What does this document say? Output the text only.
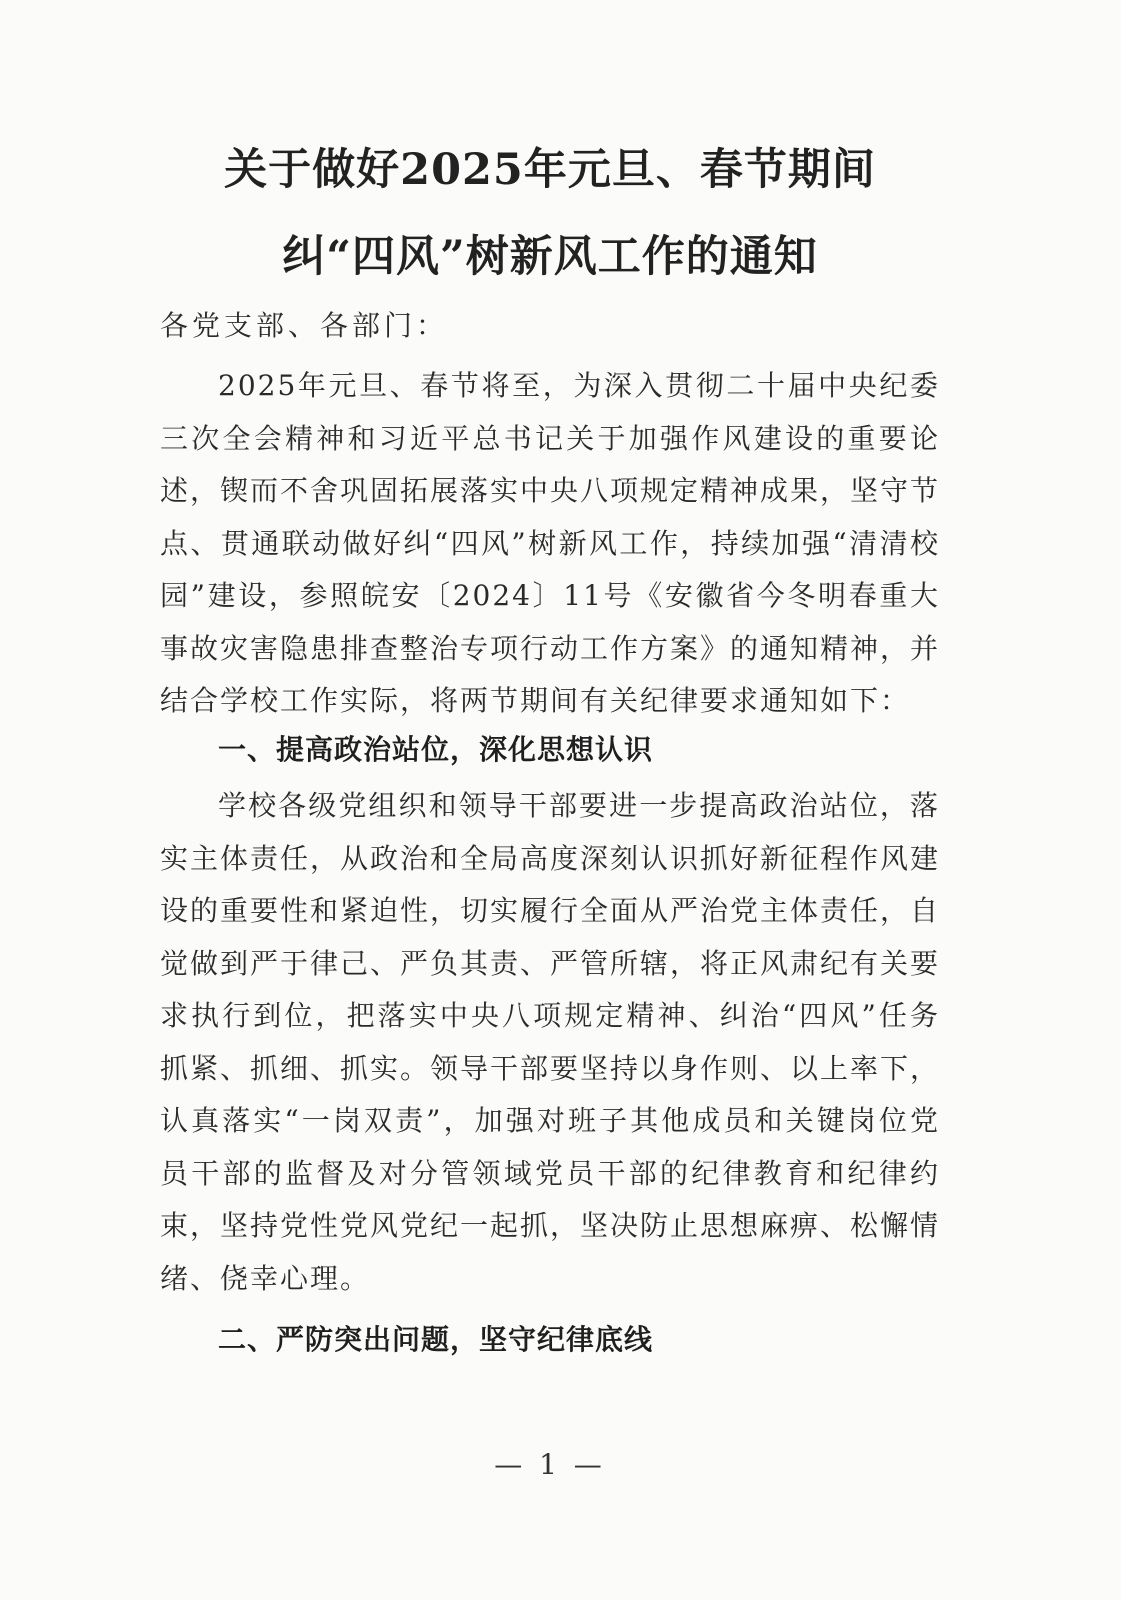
关于做好2025年元旦、春节期间
纠“四风”树新风工作的通知
各党支部、各部门：

2025年元旦、春节将至，为深入贯彻二十届中央纪委三次全会精神和习近平总书记关于加强作风建设的重要论述，锲而不舍巩固拓展落实中央八项规定精神成果，坚守节点、贯通联动做好纠“四风”树新风工作，持续加强“清清校园”建设，参照皖安〔2024〕11号《安徽省今冬明春重大事故灾害隐患排查整治专项行动工作方案》的通知精神，并结合学校工作实际，将两节期间有关纪律要求通知如下：

一、提高政治站位，深化思想认识

学校各级党组织和领导干部要进一步提高政治站位，落实主体责任，从政治和全局高度深刻认识抓好新征程作风建设的重要性和紧迫性，切实履行全面从严治党主体责任，自觉做到严于律己、严负其责、严管所辖，将正风肃纪有关要求执行到位，把落实中央八项规定精神、纠治“四风”任务抓紧、抓细、抓实。领导干部要坚持以身作则、以上率下，认真落实“一岗双责”，加强对班子其他成员和关键岗位党员干部的监督及对分管领域党员干部的纪律教育和纪律约束，坚持党性党风党纪一起抓，坚决防止思想麻痹、松懈情绪、侥幸心理。

二、严防突出问题，坚守纪律底线
— 1 —
